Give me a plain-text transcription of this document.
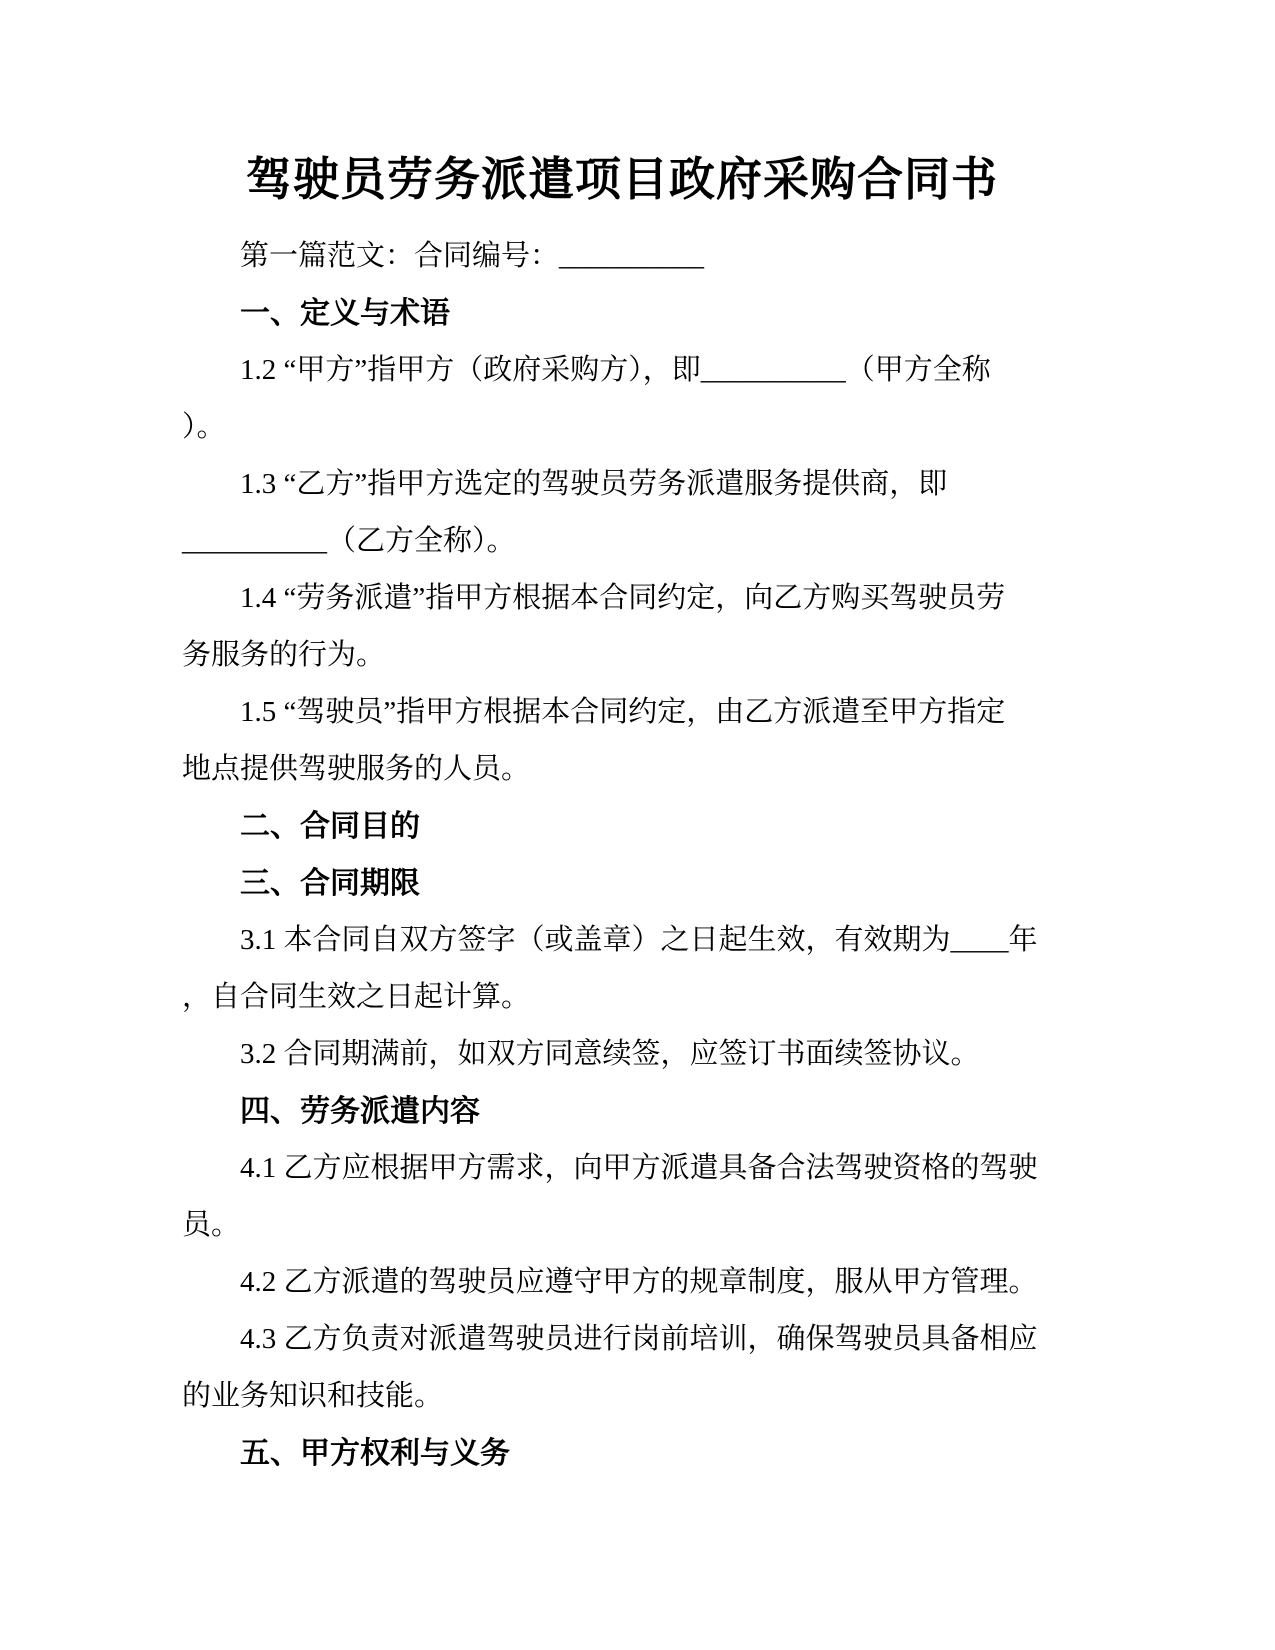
驾驶员劳务派遣项目政府采购合同书
第一篇范文：合同编号：__________
一、定义与术语
1.2 “甲方”指甲方（政府采购方），即__________（甲方全称
）。
1.3 “乙方”指甲方选定的驾驶员劳务派遣服务提供商，即
__________（乙方全称）。
1.4 “劳务派遣”指甲方根据本合同约定，向乙方购买驾驶员劳
务服务的行为。
1.5 “驾驶员”指甲方根据本合同约定，由乙方派遣至甲方指定
地点提供驾驶服务的人员。
二、合同目的
三、合同期限
3.1 本合同自双方签字（或盖章）之日起生效，有效期为____年
，自合同生效之日起计算。
3.2 合同期满前，如双方同意续签，应签订书面续签协议。
四、劳务派遣内容
4.1 乙方应根据甲方需求，向甲方派遣具备合法驾驶资格的驾驶
员。
4.2 乙方派遣的驾驶员应遵守甲方的规章制度，服从甲方管理。
4.3 乙方负责对派遣驾驶员进行岗前培训，确保驾驶员具备相应
的业务知识和技能。
五、甲方权利与义务
